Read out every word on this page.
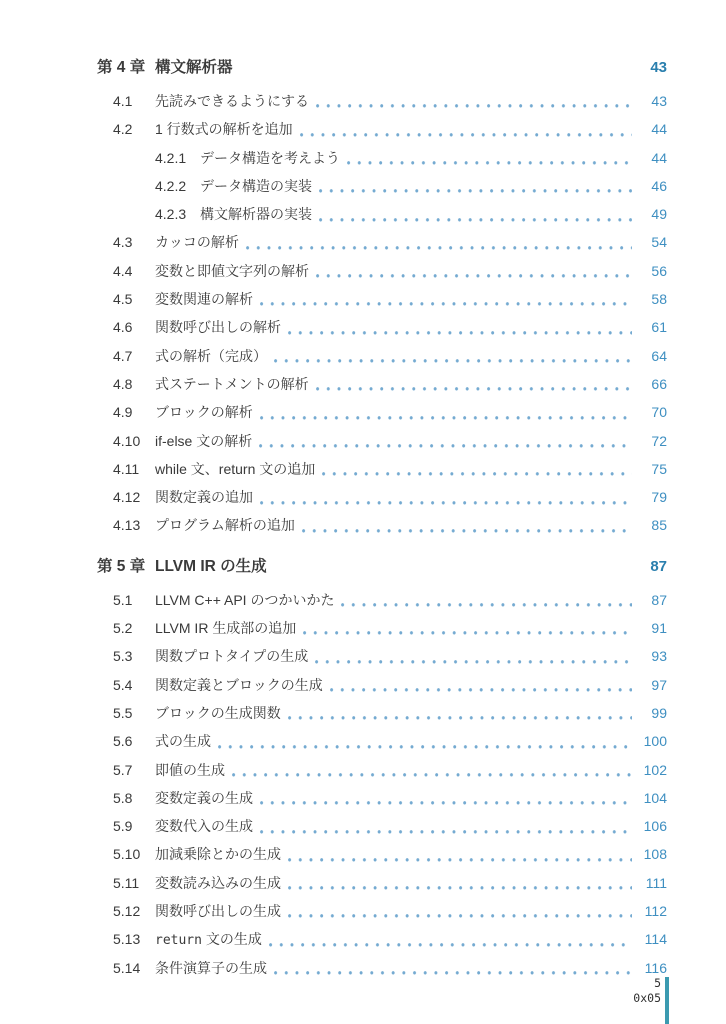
第 4 章 構文解析器	43
4.1	先読みできるようにする	43
4.2	1 行数式の解析を追加	44
4.2.1 データ構造を考えよう	44
4.2.2 データ構造の実装	46
4.2.3 構文解析器の実装	49
4.3	カッコの解析	54
4.4	変数と即値文字列の解析	56
4.5	変数関連の解析	58
4.6	関数呼び出しの解析	61
4.7	式の解析（完成）	64
4.8	式ステートメントの解析	66
4.9	ブロックの解析	70
4.10	if-else 文の解析	72
4.11	while 文、return 文の追加	75
4.12	関数定義の追加	79
4.13	プログラム解析の追加	85
第 5 章 LLVM IR の生成	87
5.1	LLVM C++ API のつかいかた	87
5.2	LLVM IR 生成部の追加	91
5.3	関数プロトタイプの生成	93
5.4	関数定義とブロックの生成	97
5.5	ブロックの生成関数	99
5.6	式の生成	100
5.7	即値の生成	102
5.8	変数定義の生成	104
5.9	変数代入の生成	106
5.10	加減乗除とかの生成	108
5.11	変数読み込みの生成	111
5.12	関数呼び出しの生成	112
5.13	return 文の生成	114
5.14	条件演算子の生成	116
5
0x05
